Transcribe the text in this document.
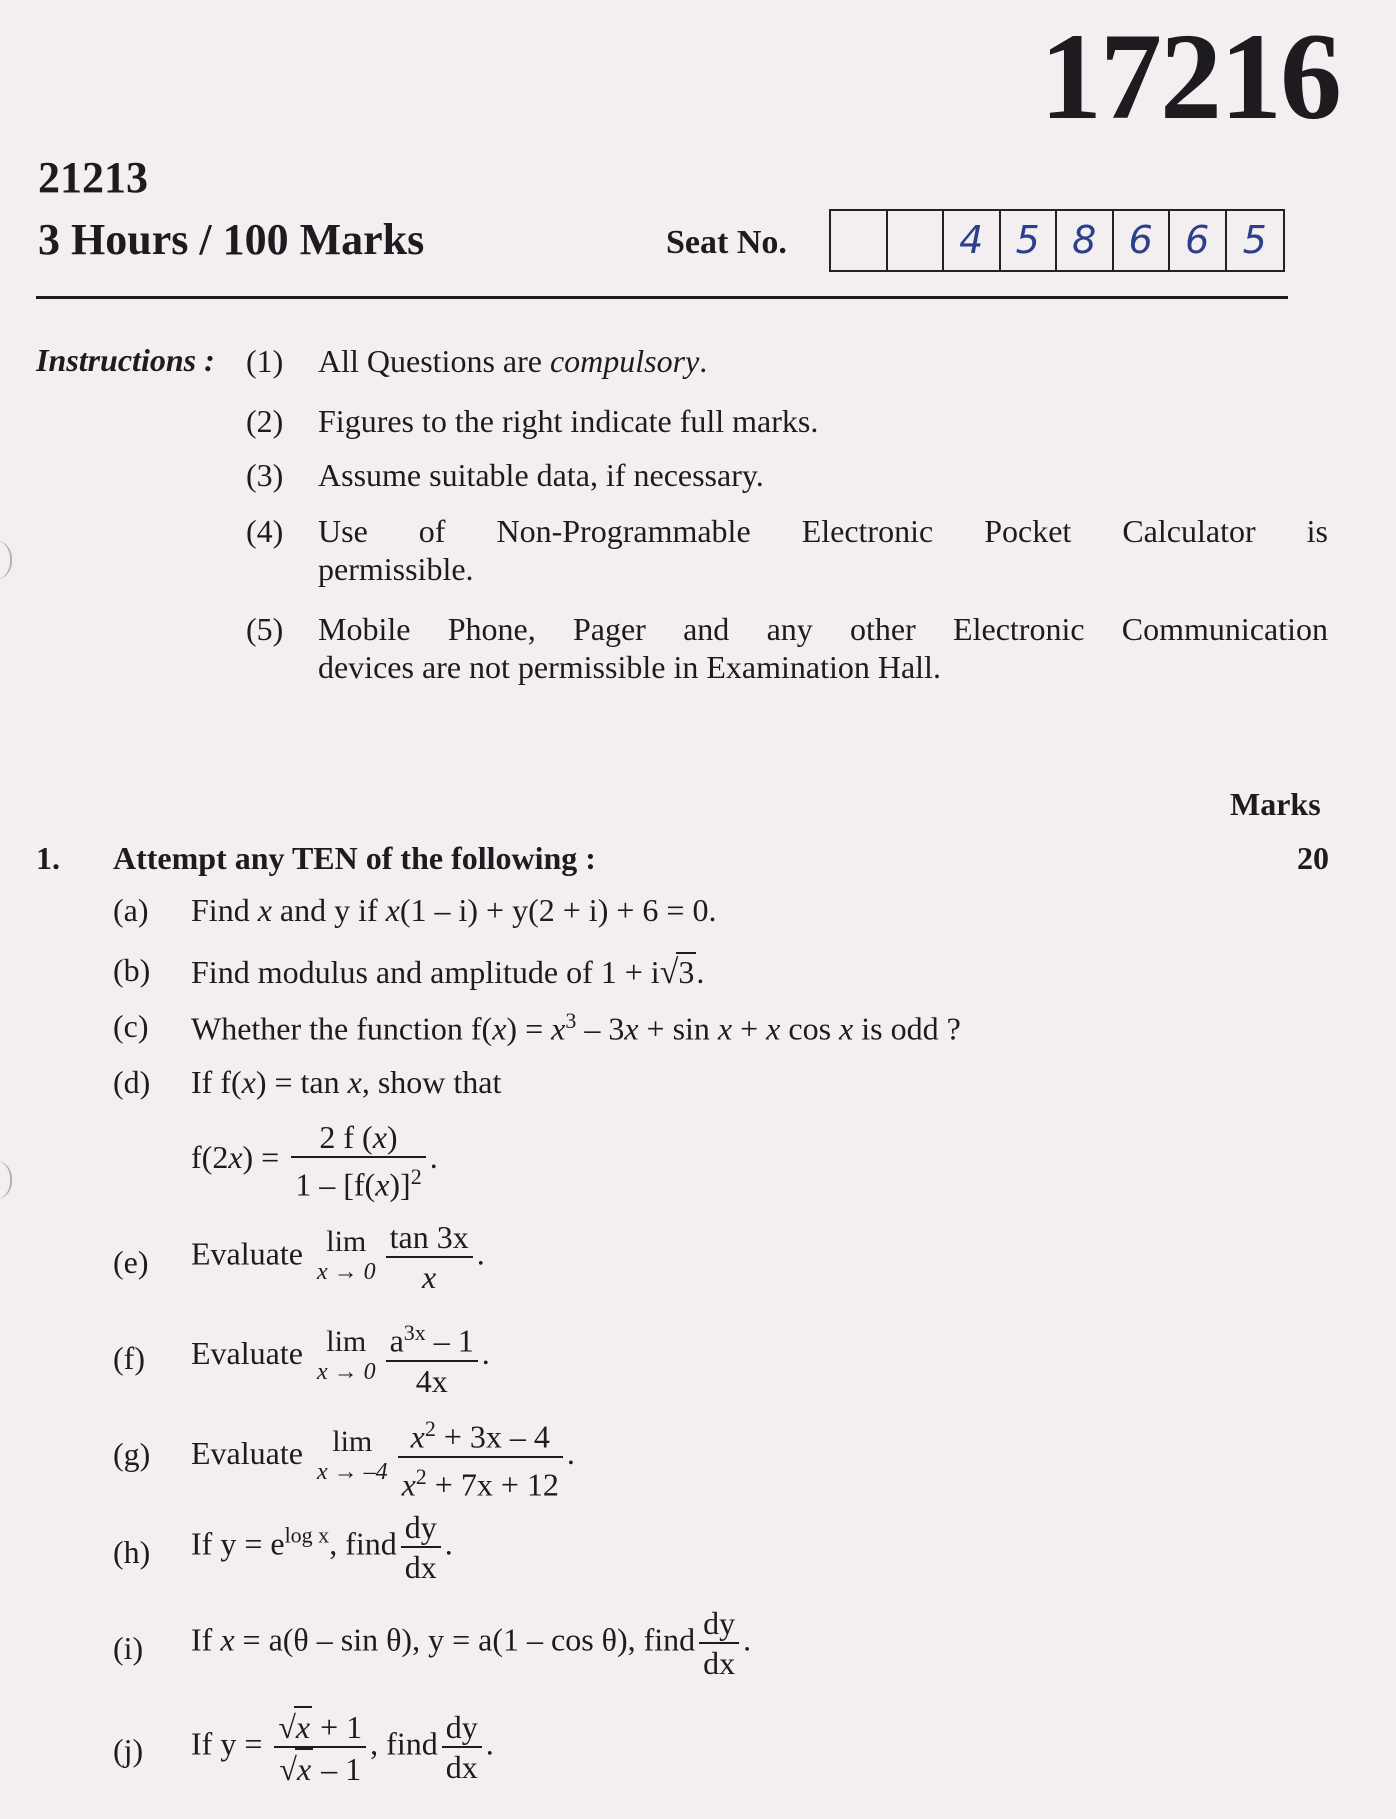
17216
21213
3 Hours / 100 Marks	Seat No.	4 5 8 6 6 5
Instructions : (1) All Questions are compulsory.
(2) Figures to the right indicate full marks.
(3) Assume suitable data, if necessary.
(4) Use of Non-Programmable Electronic Pocket Calculator is
permissible.
(5) Mobile Phone, Pager and any other Electronic Communication
devices are not permissible in Examination Hall.
Marks
1. Attempt any TEN of the following :	20
(a) Find x and y if x(1 – i) + y(2 + i) + 6 = 0.
(b) Find modulus and amplitude of 1 + i√3.
(c) Whether the function $f(x) = x^3 - 3x + \sin x + x$ cos x is odd ?
(d) If f(x) = tan x, show that
$f(2x) = \frac{2 f (x)}{1 - [f(x)]^2}$ .
(e) Evaluate lim
$x \to 0 \frac{\tan 3x}{x}$ .
(f) Evaluate lim
$x \to 0 \frac{a^{3x} - 1}{4x}$ .
(g) Evaluate lim
$x \to -4 \frac{x^2 + 3x - 4}{x^2 + 7x + 12}$ .
(h) If $y = e^{log x}$, find $\frac{dy}{dx}$ .
(i) If x = a(θ – sin θ), y = a(1 – cos θ), find $\frac{dy}{dx}$ .
(j) If $y = \frac{√x + 1}{√x - 1}$ , find $\frac{dy}{dx}$ .
